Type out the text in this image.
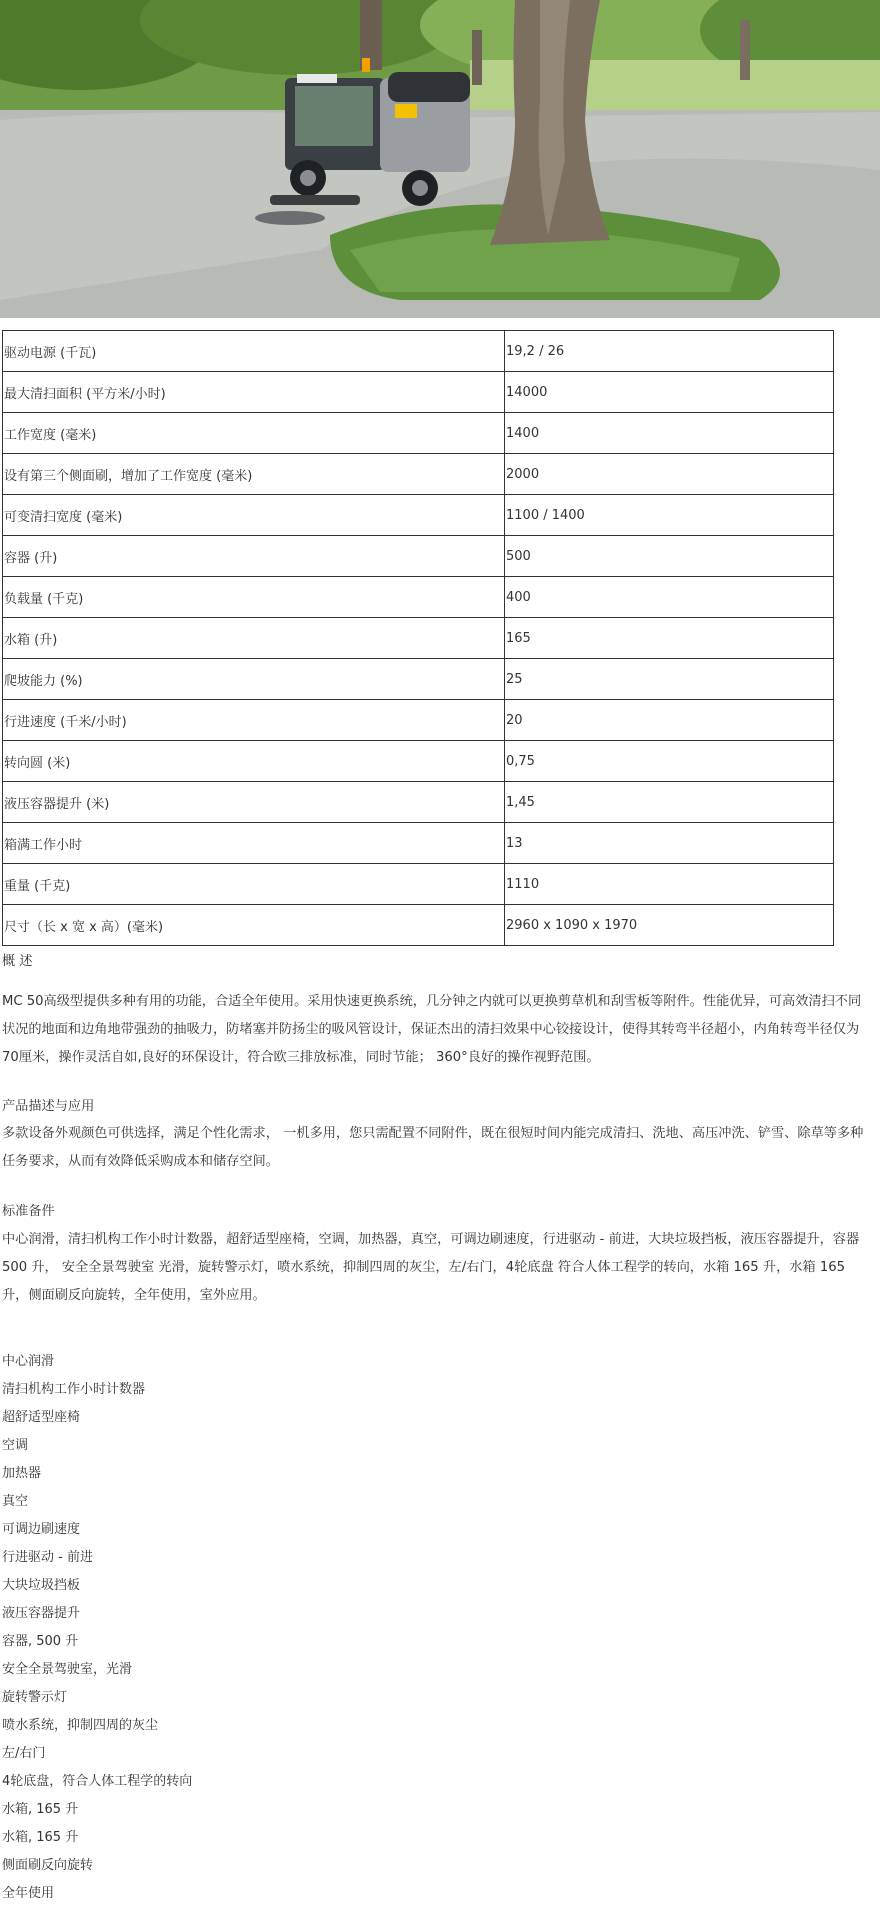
驱动电源 (千瓦)	19,2 / 26
最大清扫面积 (平方米/小时)	14000
工作宽度 (毫米)	1400
设有第三个侧面刷，增加了工作宽度 (毫米)	2000
可变清扫宽度 (毫米)	1100 / 1400
容器 (升)	500
负载量 (千克)	400
水箱 (升)	165
爬坡能力 (%)	25
行进速度 (千米/小时)	20
转向圆 (米)	0,75
液压容器提升 (米)	1,45
箱满工作小时	13
重量 (千克)	1110
尺寸（长 x 宽 x 高）(毫米)	2960 x 1090 x 1970
概 述
MC 50高级型提供多种有用的功能，合适全年使用。采用快速更换系统，几分钟之内就可以更换剪草机和刮雪板等附件。性能优异，可高效清扫不同状况的地面和边角地带强劲的抽吸力，防堵塞并防扬尘的吸风管设计，保证杰出的清扫效果中心铰接设计，使得其转弯半径超小，内角转弯半径仅为70厘米，操作灵活自如,良好的环保设计，符合欧三排放标准，同时节能； 360°良好的操作视野范围。
产品描述与应用
多款设备外观颜色可供选择，满足个性化需求， 一机多用，您只需配置不同附件，既在很短时间内能完成清扫、洗地、高压冲洗、铲雪、除草等多种任务要求，从而有效降低采购成本和储存空间。
标准备件
中心润滑，清扫机构工作小时计数器，超舒适型座椅，空调，加热器，真空，可调边刷速度，行进驱动 - 前进，大块垃圾挡板，液压容器提升，容器 500 升， 安全全景驾驶室 光滑，旋转警示灯，喷水系统，抑制四周的灰尘，左/右门，4轮底盘 符合人体工程学的转向，水箱 165 升，水箱 165 升，侧面刷反向旋转，全年使用，室外应用。
中心润滑
清扫机构工作小时计数器
超舒适型座椅
空调
加热器
真空
可调边刷速度
行进驱动 - 前进
大块垃圾挡板
液压容器提升
容器, 500 升
安全全景驾驶室，光滑
旋转警示灯
喷水系统，抑制四周的灰尘
左/右门
4轮底盘，符合人体工程学的转向
水箱, 165 升
水箱, 165 升
侧面刷反向旋转
全年使用
